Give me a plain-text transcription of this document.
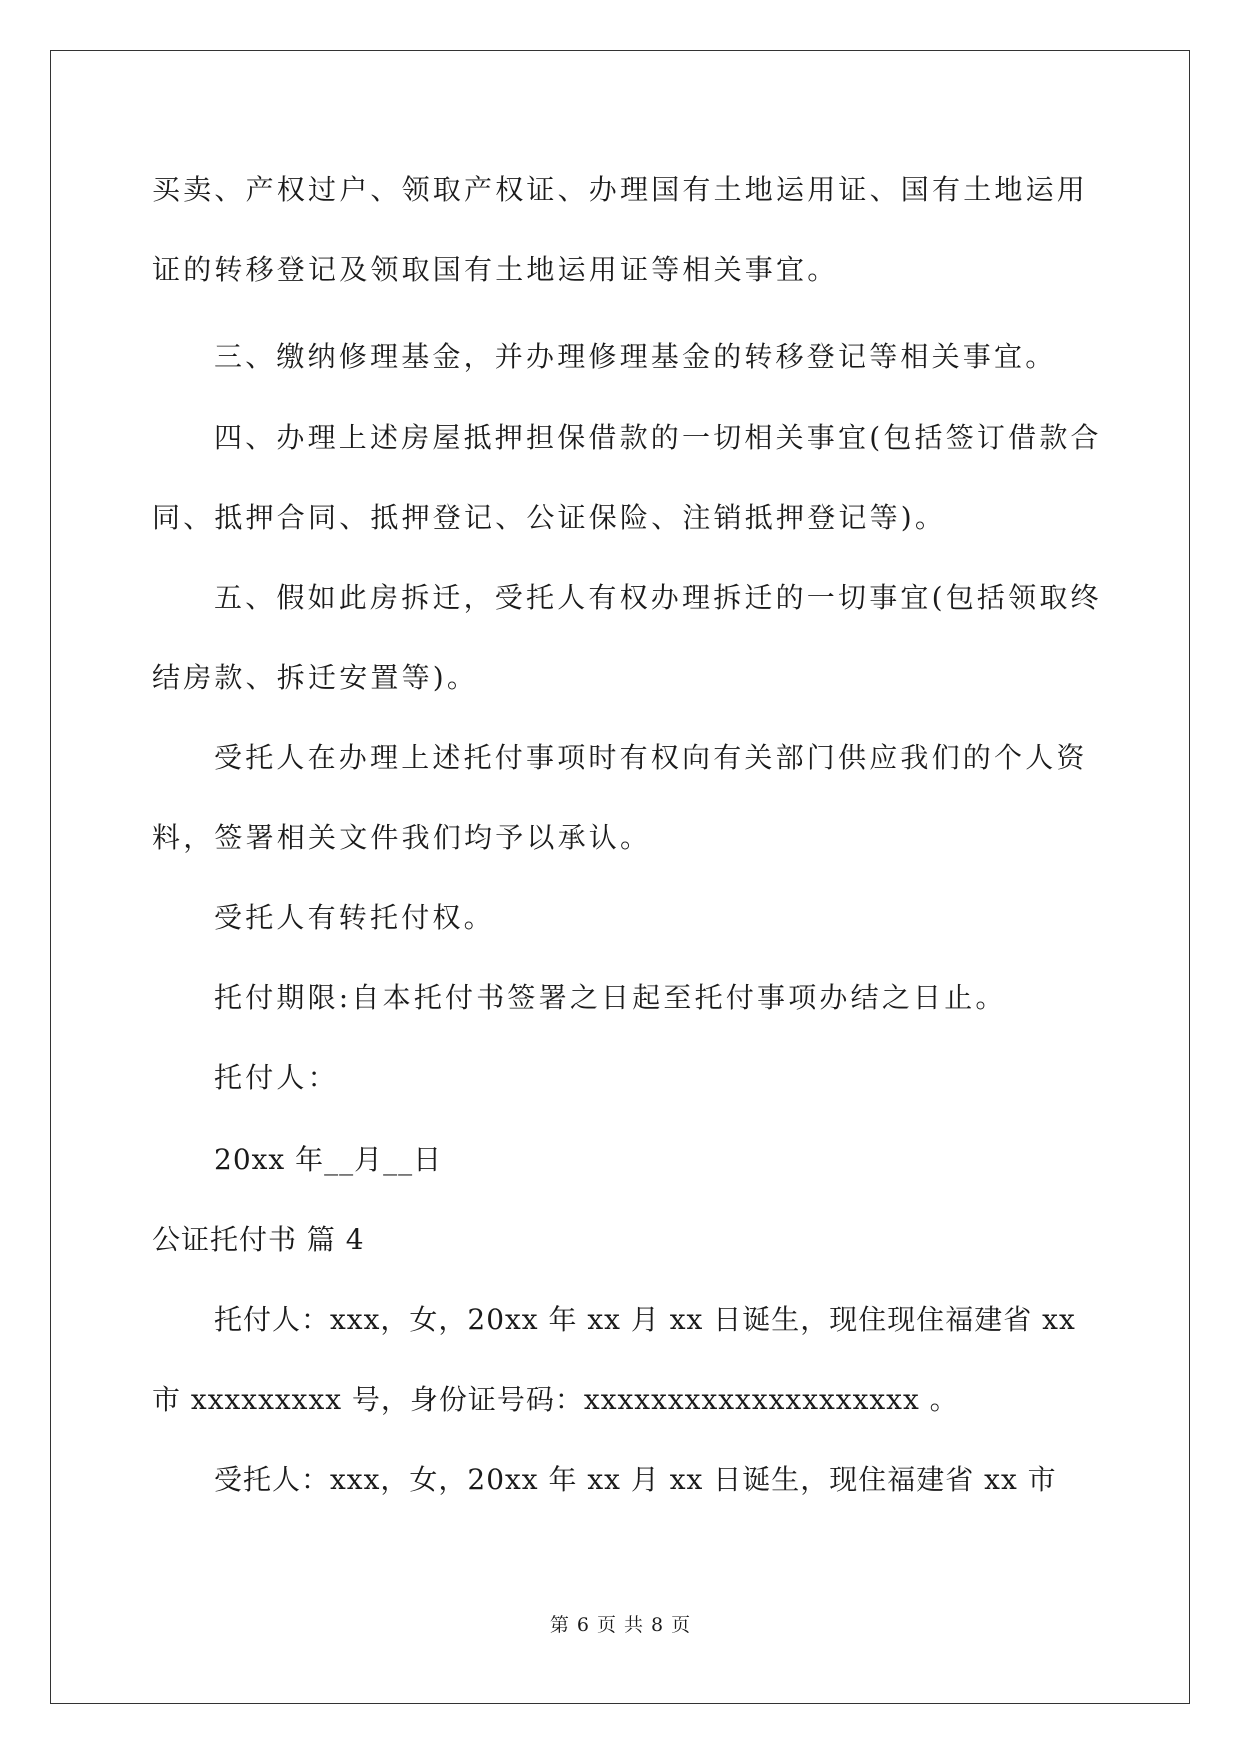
买卖、产权过户、领取产权证、办理国有土地运用证、国有土地运用
证的转移登记及领取国有土地运用证等相关事宜。
三、缴纳修理基金，并办理修理基金的转移登记等相关事宜。
四、办理上述房屋抵押担保借款的一切相关事宜(包括签订借款合
同、抵押合同、抵押登记、公证保险、注销抵押登记等)。
五、假如此房拆迁，受托人有权办理拆迁的一切事宜(包括领取终
结房款、拆迁安置等)。
受托人在办理上述托付事项时有权向有关部门供应我们的个人资
料，签署相关文件我们均予以承认。
受托人有转托付权。
托付期限:自本托付书签署之日起至托付事项办结之日止。
托付人：
20xx 年__月__日
公证托付书 篇 4
托付人：xxx，女，20xx 年 xx 月 xx 日诞生，现住现住福建省 xx
市 xxxxxxxxx 号，身份证号码：xxxxxxxxxxxxxxxxxxxx 。
受托人：xxx，女，20xx 年 xx 月 xx 日诞生，现住福建省 xx 市
第 6 页 共 8 页
